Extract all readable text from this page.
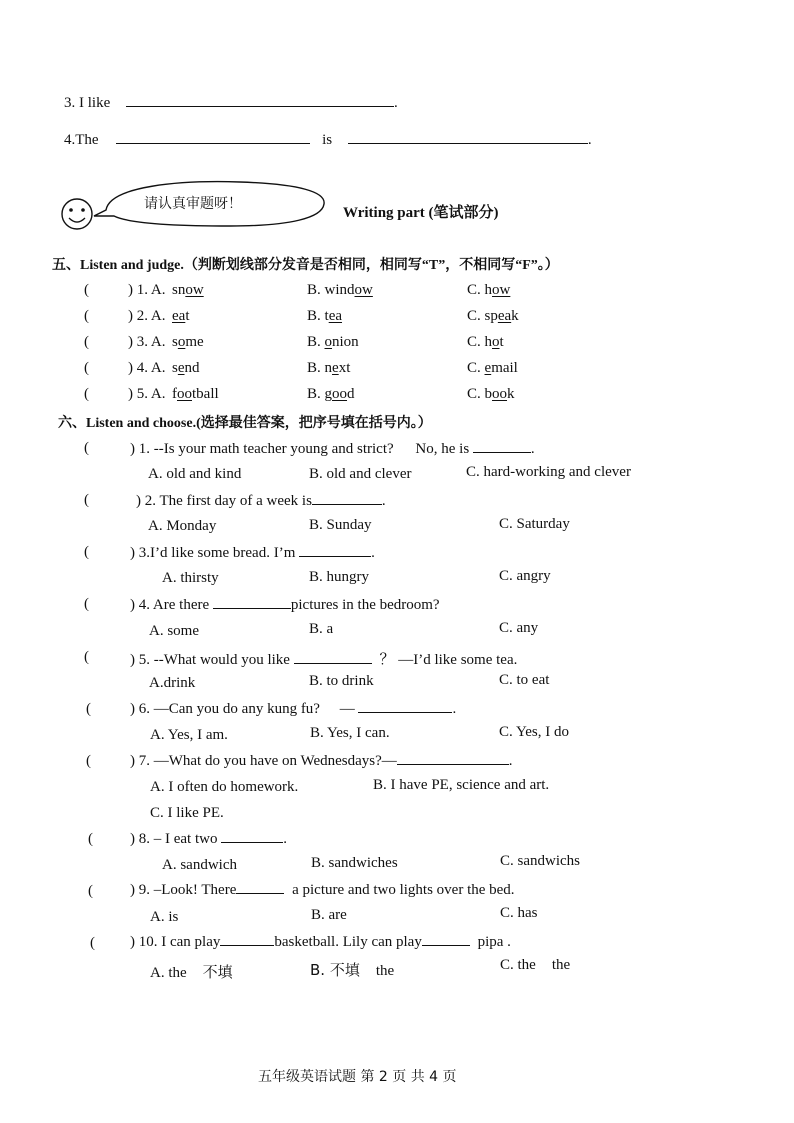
3. I like	.
4.The	is	.
请认真审题呀！
Writing part (笔试部分)
五、Listen and judge.（判断划线部分发音是否相同，相同写“T”，不相同写“F”。）
(	) 1. A. snow	B. window	C. how
(	) 2. A. eat	B. tea	C. speak
(	) 3. A. some	B. onion	C. hot
(	) 4. A. send	B. next	C. email
(	) 5. A. football	B. good	C. book
六、Listen and choose.(选择最佳答案，把序号填在括号内。）
(	) 1. --Is your math teacher young and strict? No, he is	.
A. old and kind	B. old and clever	C. hard-working and clever
(	) 2. The first day of a week is	.
A. Monday	B. Sunday	C. Saturday
(	) 3.I’d like some bread. I’m	.
A. thirsty	B. hungry	C. angry
(	) 4. Are there	pictures in the bedroom?
A. some	B. a	C. any
(	) 5. --What would you like	？ —I’d like some tea.
A.drink	B. to drink	C. to eat
(	) 6. —Can you do any kung fu? —	.
A. Yes, I am.	B. Yes, I can.	C. Yes, I do
(	) 7. —What do you have on Wednesdays?—	.
A. I often do homework.	B. I have PE, science and art.
C. I like PE.
( ) 8. – I eat two	.
A. sandwich	B. sandwiches	C. sandwichs
( ) 9. –Look! There	a picture and two lights over the bed.
A. is	B. are	C. has
( ) 10. I can play	basketball. Lily can play	pipa .
A. the 不填	B. 不填 the	C. the the
五年级英语试题 第 2 页 共 4 页
